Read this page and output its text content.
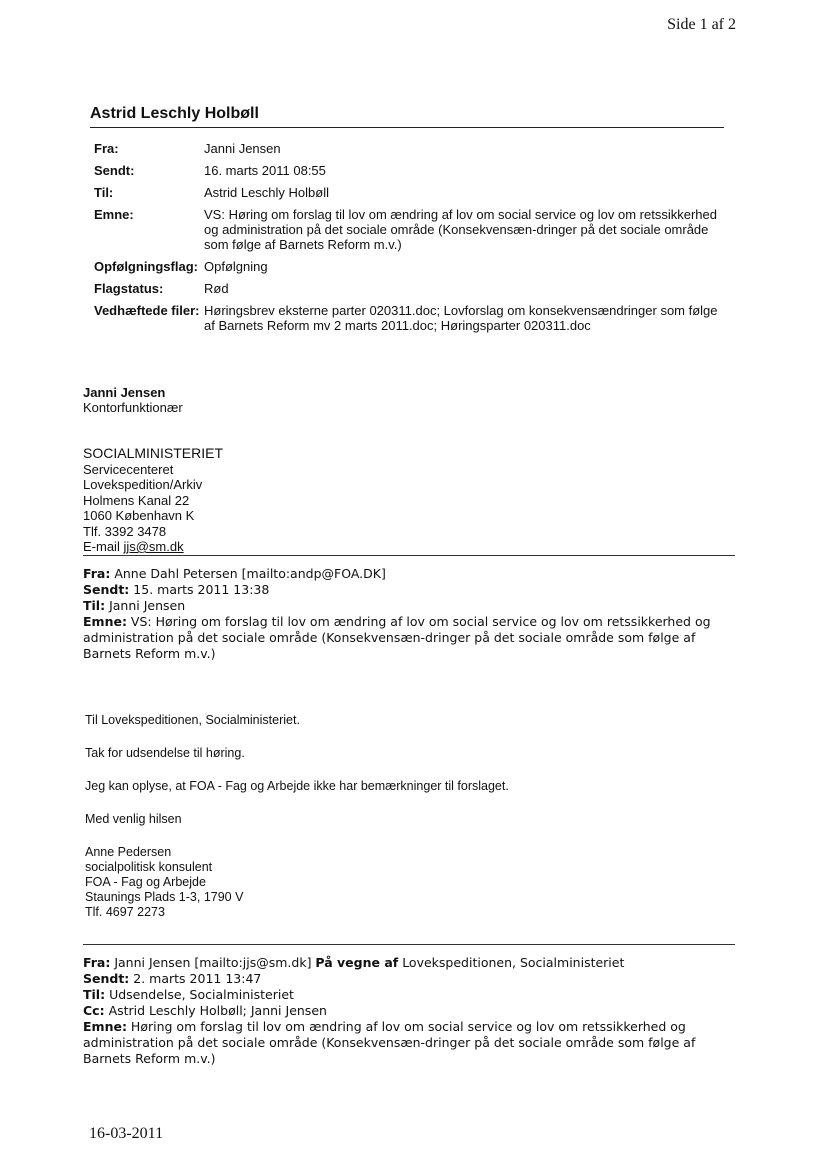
Side 1 af 2
Astrid Leschly Holbøll
Fra:	Janni Jensen
Sendt:	16. marts 2011 08:55
Til:	Astrid Leschly Holbøll
Emne:	VS: Høring om forslag til lov om ændring af lov om social service og lov om retssikkerhed og administration på det sociale område (Konsekvensæn-dringer på det sociale område som følge af Barnets Reform m.v.)
Opfølgningsflag:	Opfølgning
Flagstatus:	Rød
Vedhæftede filer:	Høringsbrev eksterne parter 020311.doc; Lovforslag om konsekvensændringer som følge af Barnets Reform mv 2 marts 2011.doc; Høringsparter 020311.doc
Janni Jensen
Kontorfunktionær
SOCIALMINISTERIET
Servicecenteret
Lovekspedition/Arkiv
Holmens Kanal 22
1060 København K
Tlf. 3392 3478
E-mail jjs@sm.dk
Fra: Anne Dahl Petersen [mailto:andp@FOA.DK]
Sendt: 15. marts 2011 13:38
Til: Janni Jensen
Emne: VS: Høring om forslag til lov om ændring af lov om social service og lov om retssikkerhed og administration på det sociale område (Konsekvensæn-dringer på det sociale område som følge af Barnets Reform m.v.)
Til Lovekspeditionen, Socialministeriet.
Tak for udsendelse til høring.
Jeg kan oplyse, at FOA - Fag og Arbejde ikke har bemærkninger til forslaget.
Med venlig hilsen
Anne Pedersen
socialpolitisk konsulent
FOA - Fag og Arbejde
Staunings Plads 1-3, 1790 V
Tlf. 4697 2273
Fra: Janni Jensen [mailto:jjs@sm.dk] På vegne af Lovekspeditionen, Socialministeriet
Sendt: 2. marts 2011 13:47
Til: Udsendelse, Socialministeriet
Cc: Astrid Leschly Holbøll; Janni Jensen
Emne: Høring om forslag til lov om ændring af lov om social service og lov om retssikkerhed og administration på det sociale område (Konsekvensæn-dringer på det sociale område som følge af Barnets Reform m.v.)
16-03-2011
